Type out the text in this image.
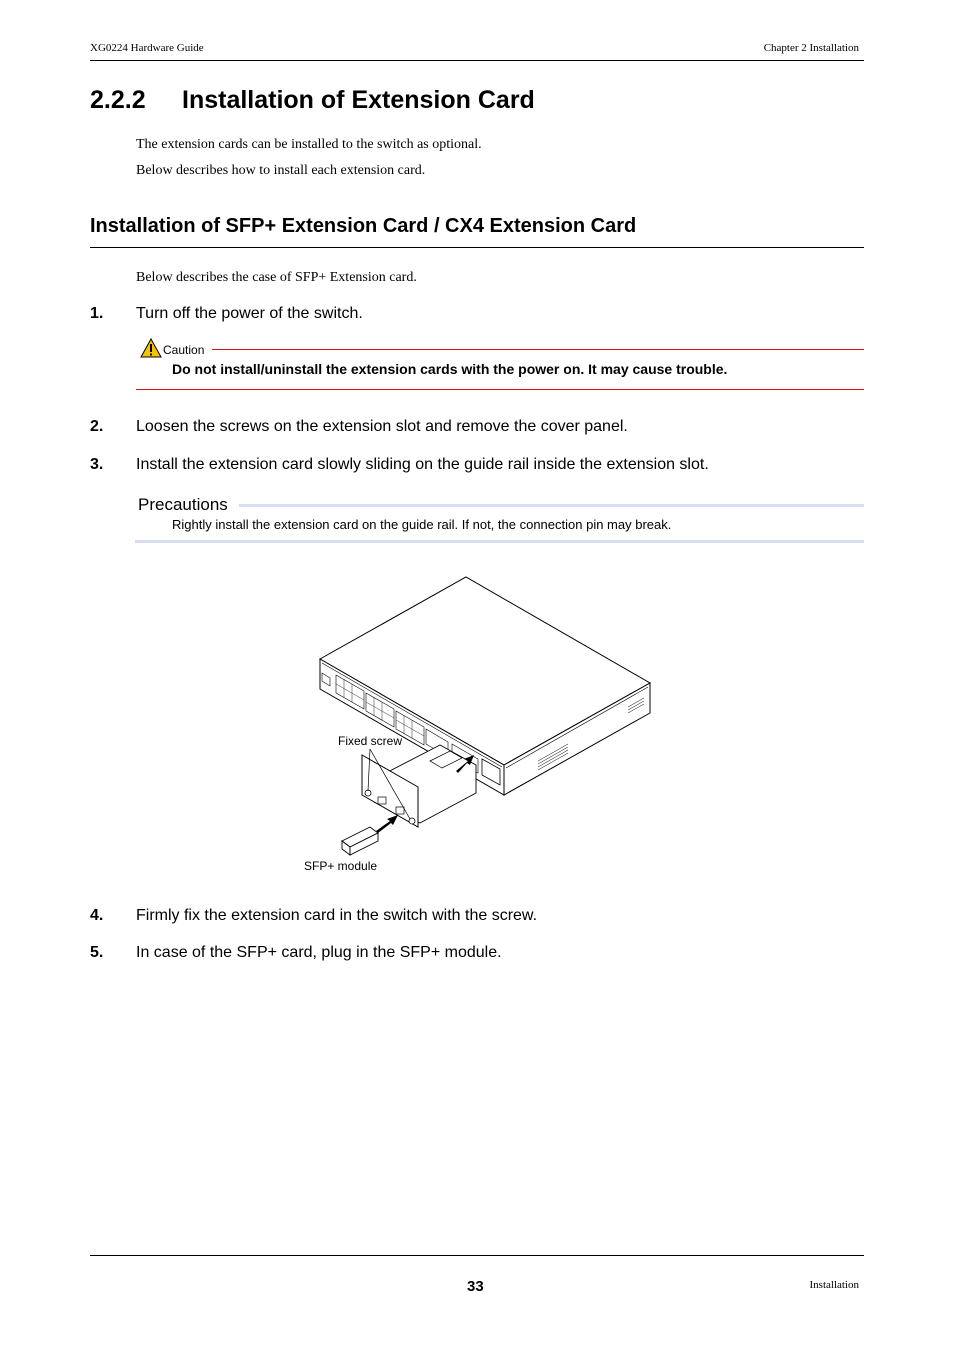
XG0224 Hardware Guide	Chapter 2 Installation
2.2.2 Installation of Extension Card
The extension cards can be installed to the switch as optional.
Below describes how to install each extension card.
Installation of SFP+ Extension Card / CX4 Extension Card
Below describes the case of SFP+ Extension card.
1. Turn off the power of the switch.
Caution
Do not install/uninstall the extension cards with the power on. It may cause trouble.
2. Loosen the screws on the extension slot and remove the cover panel.
3. Install the extension card slowly sliding on the guide rail inside the extension slot.
Precautions
Rightly install the extension card on the guide rail. If not, the connection pin may break.
Fixed screw
SFP+ module
4. Firmly fix the extension card in the switch with the screw.
5. In case of the SFP+ card, plug in the SFP+ module.
33	Installation
